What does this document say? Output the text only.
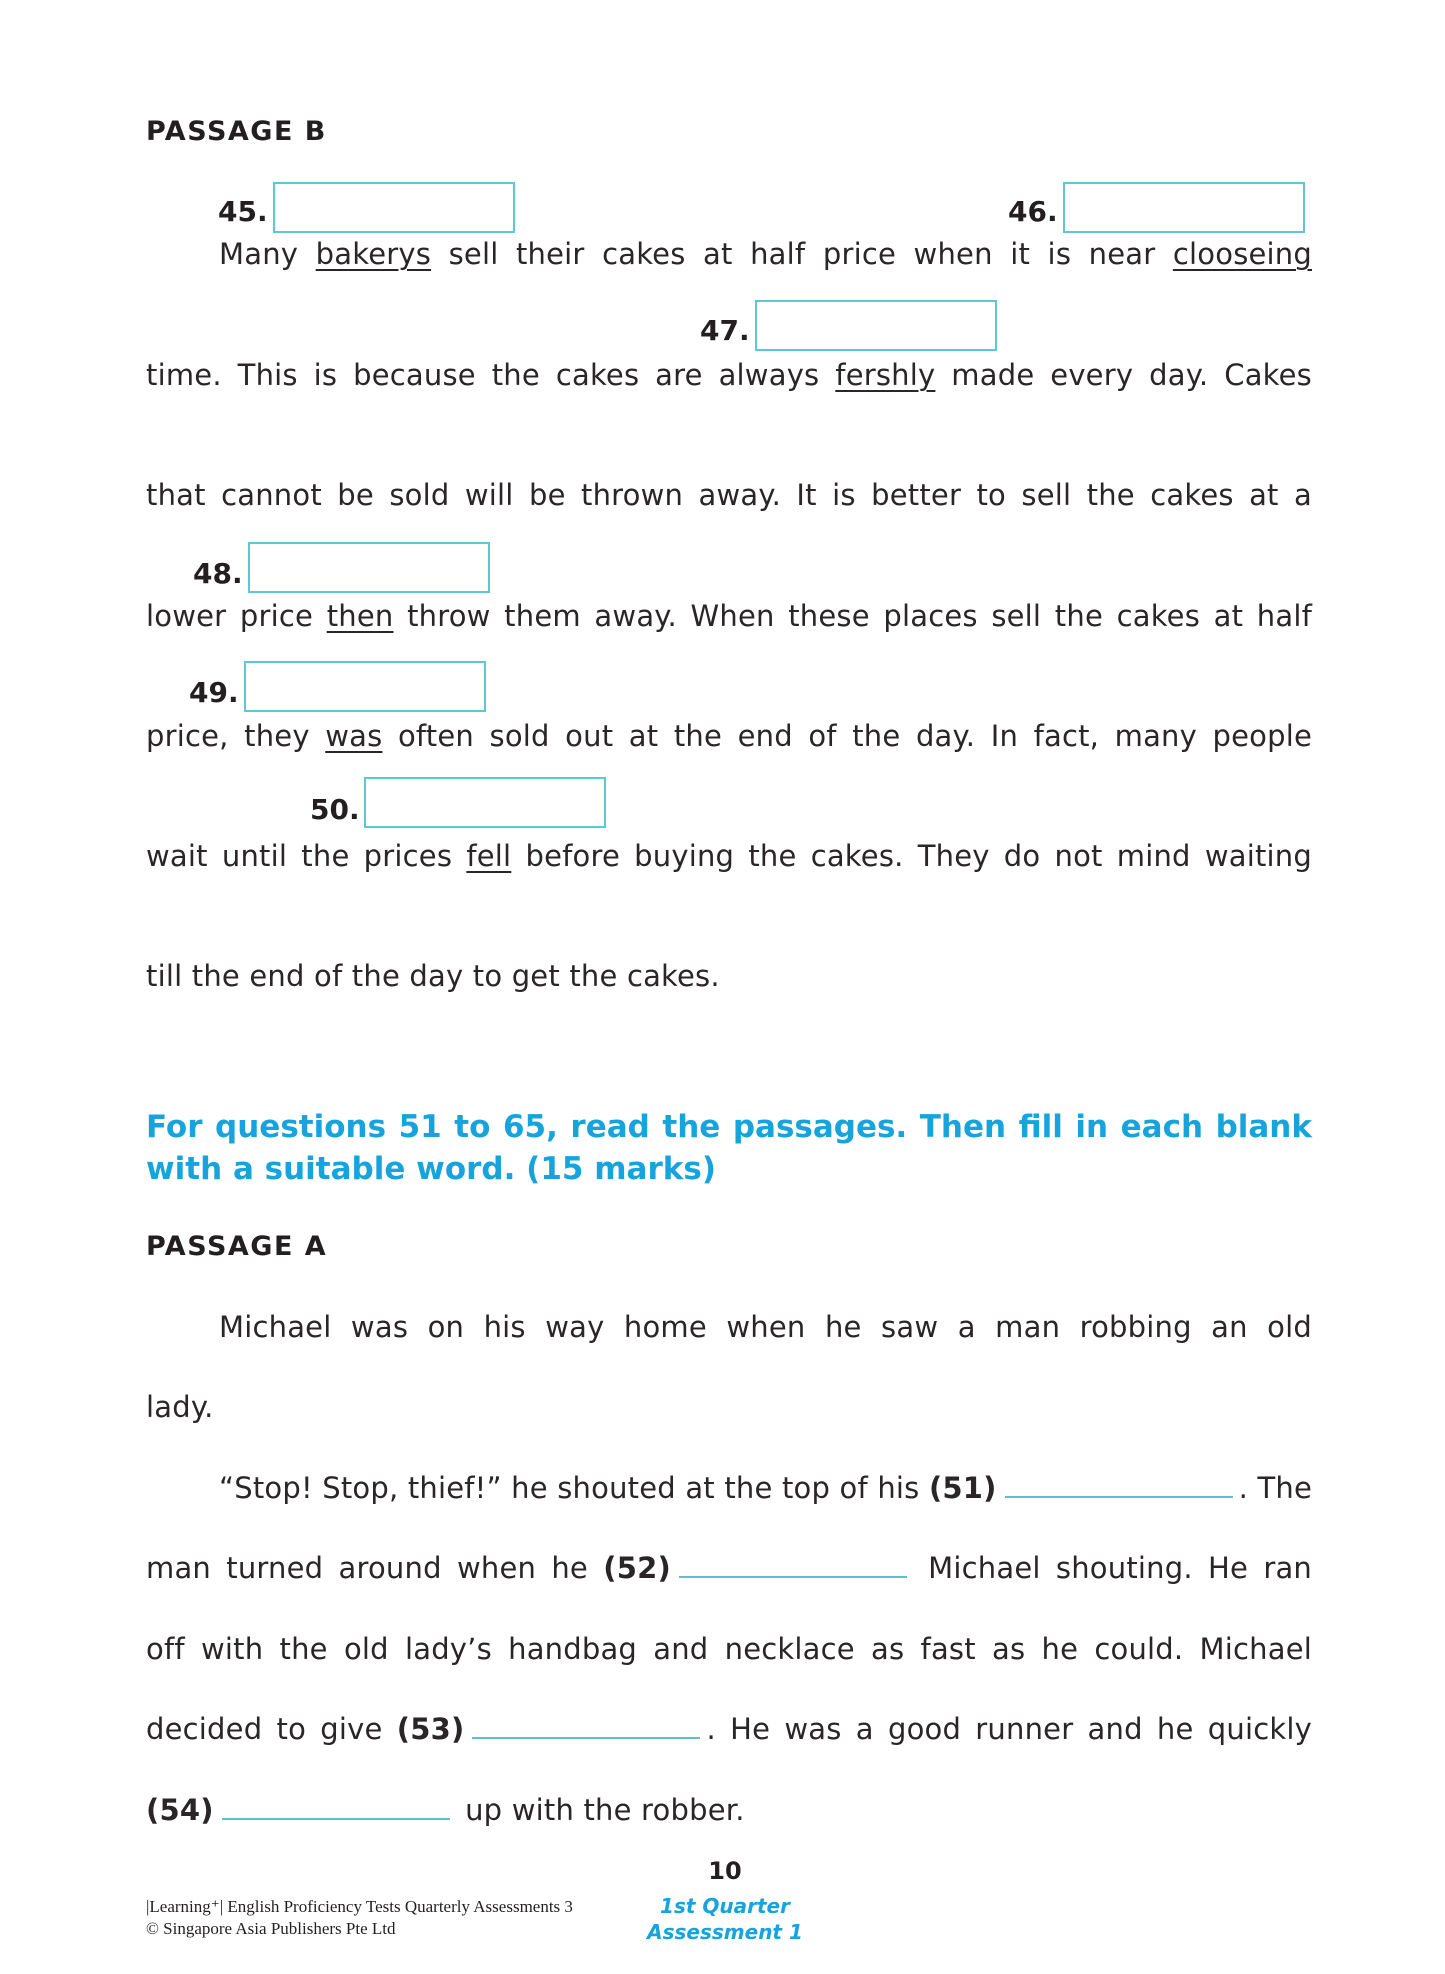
PASSAGE B
45.	46.
Many bakerys sell their cakes at half price when it is near clooseing
47.
time. This is because the cakes are always fershly made every day. Cakes
that cannot be sold will be thrown away. It is better to sell the cakes at a
48.
lower price then throw them away. When these places sell the cakes at half
49.
price, they was often sold out at the end of the day. In fact, many people
50.
wait until the prices fell before buying the cakes. They do not mind waiting
till the end of the day to get the cakes.
For questions 51 to 65, read the passages. Then fill in each blank with a suitable word. (15 marks)
PASSAGE A
Michael was on his way home when he saw a man robbing an old
lady.
“Stop! Stop, thief!” he shouted at the top of his (51)	. The
man turned around when he (52)	Michael shouting. He ran
off with the old lady’s handbag and necklace as fast as he could. Michael
decided to give (53)	. He was a good runner and he quickly
(54)	up with the robber.
10
|Learning⁺| English Proficiency Tests Quarterly Assessments 3
© Singapore Asia Publishers Pte Ltd
1st Quarter
Assessment 1
